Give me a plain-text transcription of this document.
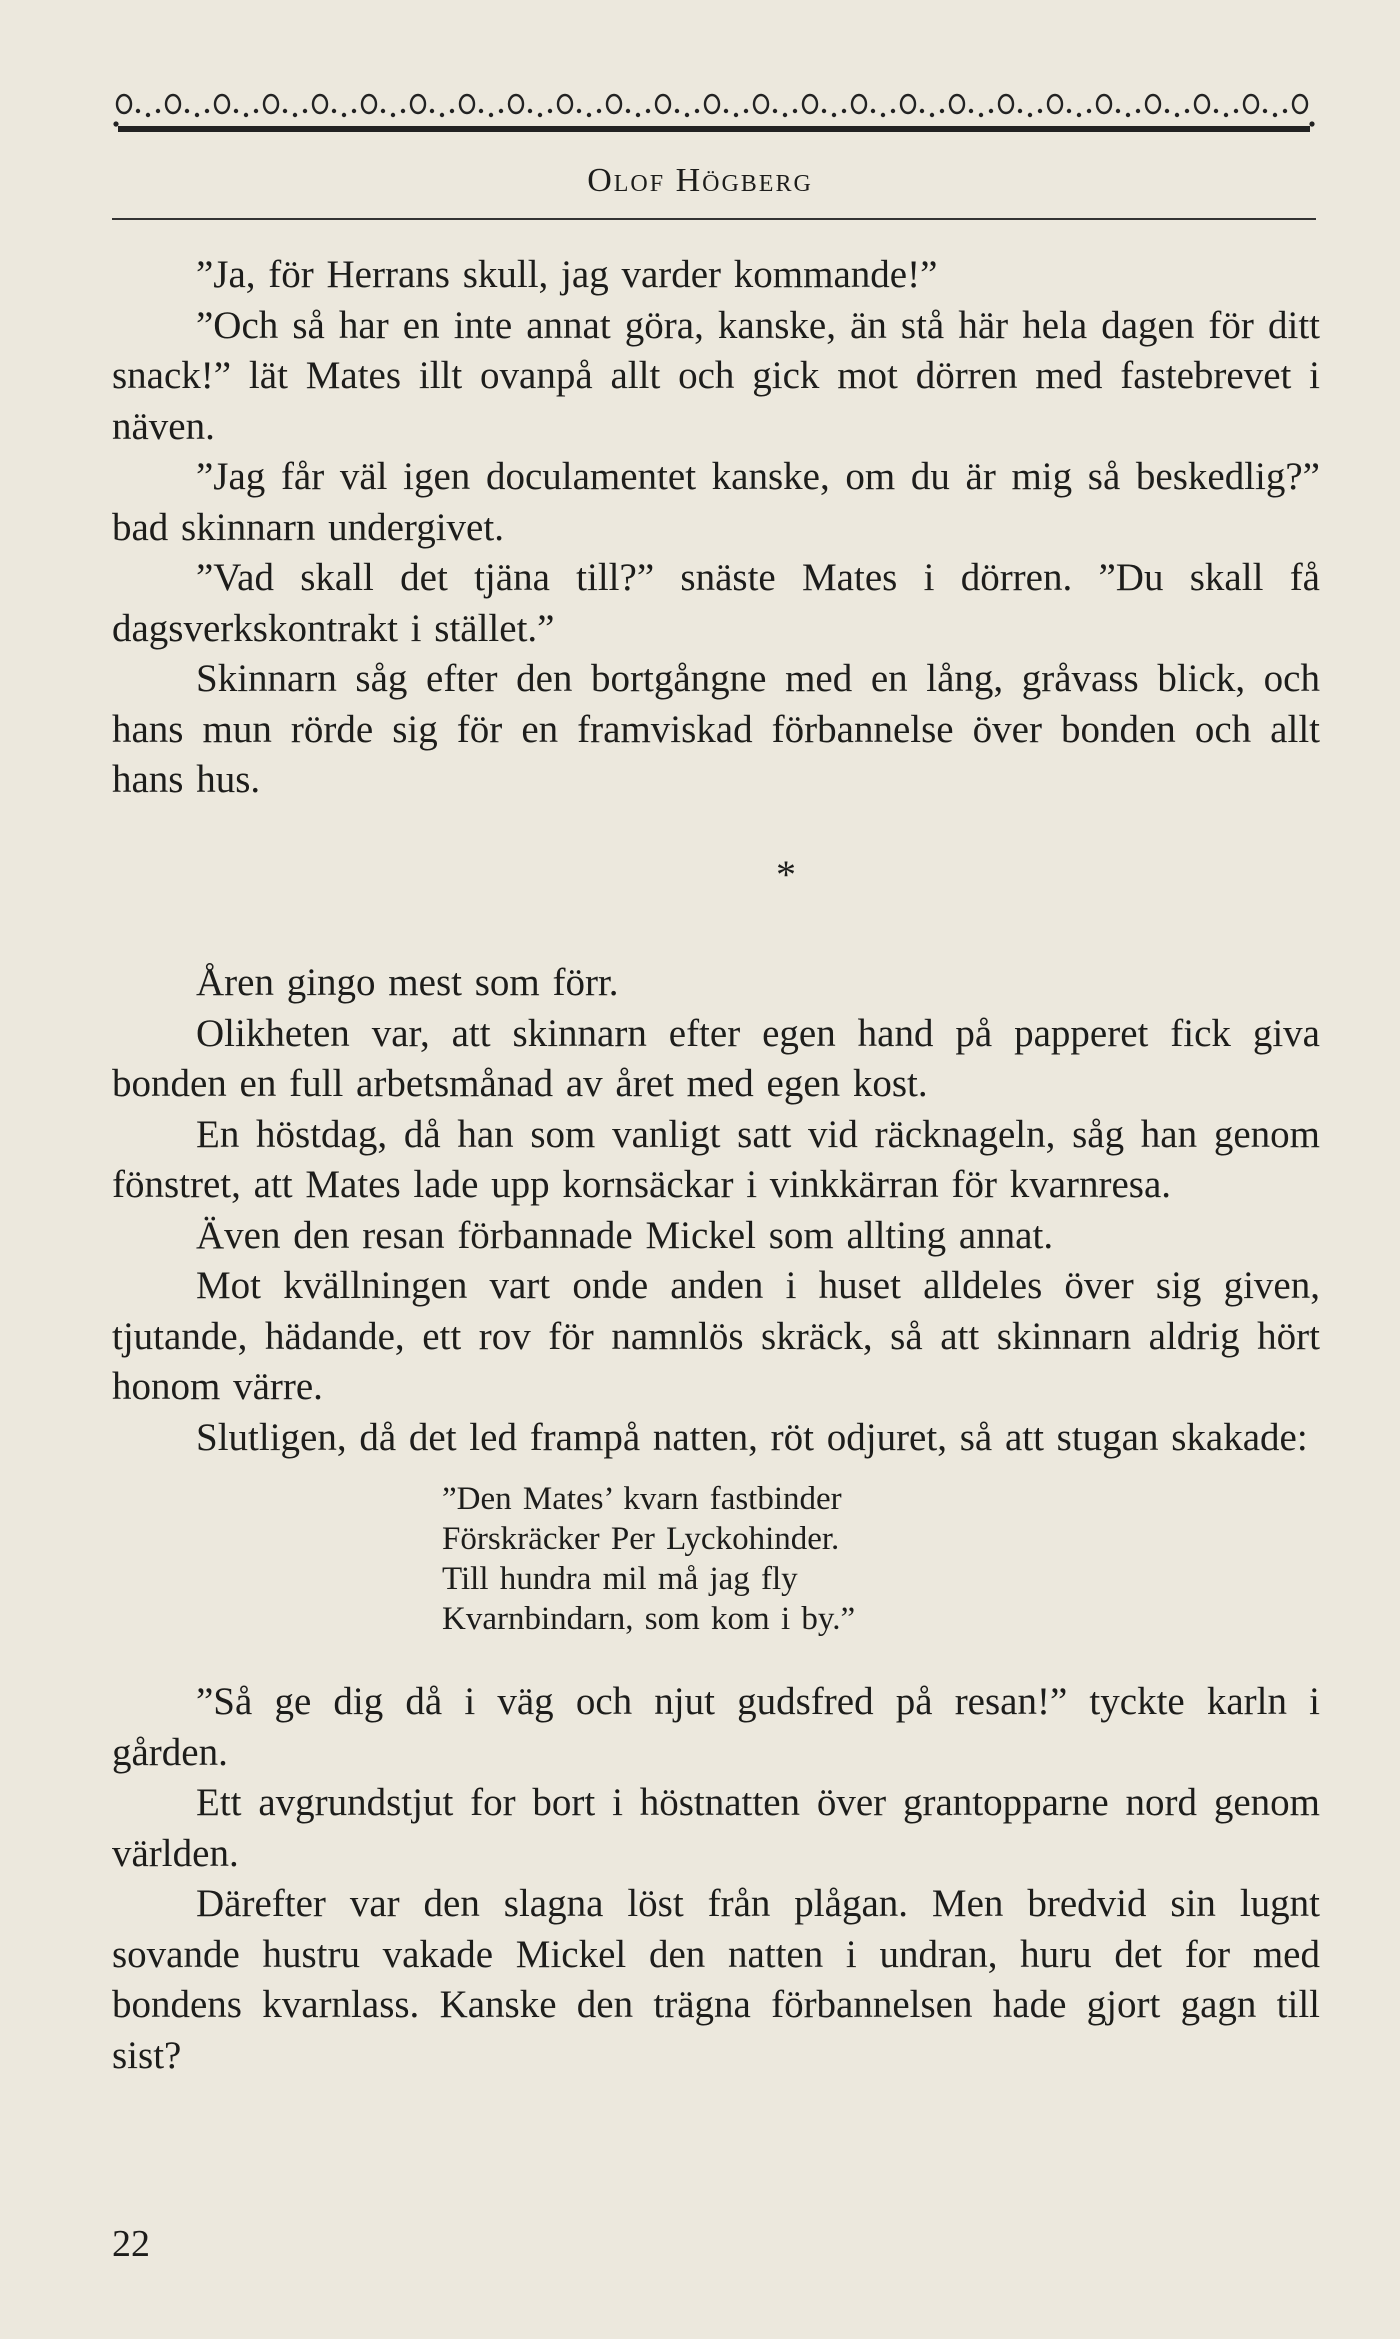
Olof Högberg

”Ja, för Herrans skull, jag varder kommande!”

”Och så har en inte annat göra, kanske, än stå här hela dagen för ditt snack!” lät Mates illt ovanpå allt och gick mot dörren med fastebrevet i näven.

”Jag får väl igen doculamentet kanske, om du är mig så beskedlig?” bad skinnarn undergivet.

”Vad skall det tjäna till?” snäste Mates i dörren. ”Du skall få dagsverkskontrakt i stället.”

Skinnarn såg efter den bortgångne med en lång, gråvass blick, och hans mun rörde sig för en framviskad förbannelse över bonden och allt hans hus.

*

Åren gingo mest som förr.

Olikheten var, att skinnarn efter egen hand på papperet fick giva bonden en full arbetsmånad av året med egen kost.

En höstdag, då han som vanligt satt vid räcknageln, såg han genom fönstret, att Mates lade upp kornsäckar i vinkkärran för kvarnresa.

Även den resan förbannade Mickel som allting annat.

Mot kvällningen vart onde anden i huset alldeles över sig given, tjutande, hädande, ett rov för namnlös skräck, så att skinnarn aldrig hört honom värre.

Slutligen, då det led frampå natten, röt odjuret, så att stugan skakade:

”Den Mates’ kvarn fastbinder
Förskräcker Per Lyckohinder.
Till hundra mil må jag fly
Kvarnbindarn, som kom i by.”

”Så ge dig då i väg och njut gudsfred på resan!” tyckte karln i gården.

Ett avgrundstjut for bort i höstnatten över grantopparne nord genom världen.

Därefter var den slagna löst från plågan. Men bredvid sin lugnt sovande hustru vakade Mickel den natten i undran, huru det for med bondens kvarnlass. Kanske den trägna förbannelsen hade gjort gagn till sist?

22
